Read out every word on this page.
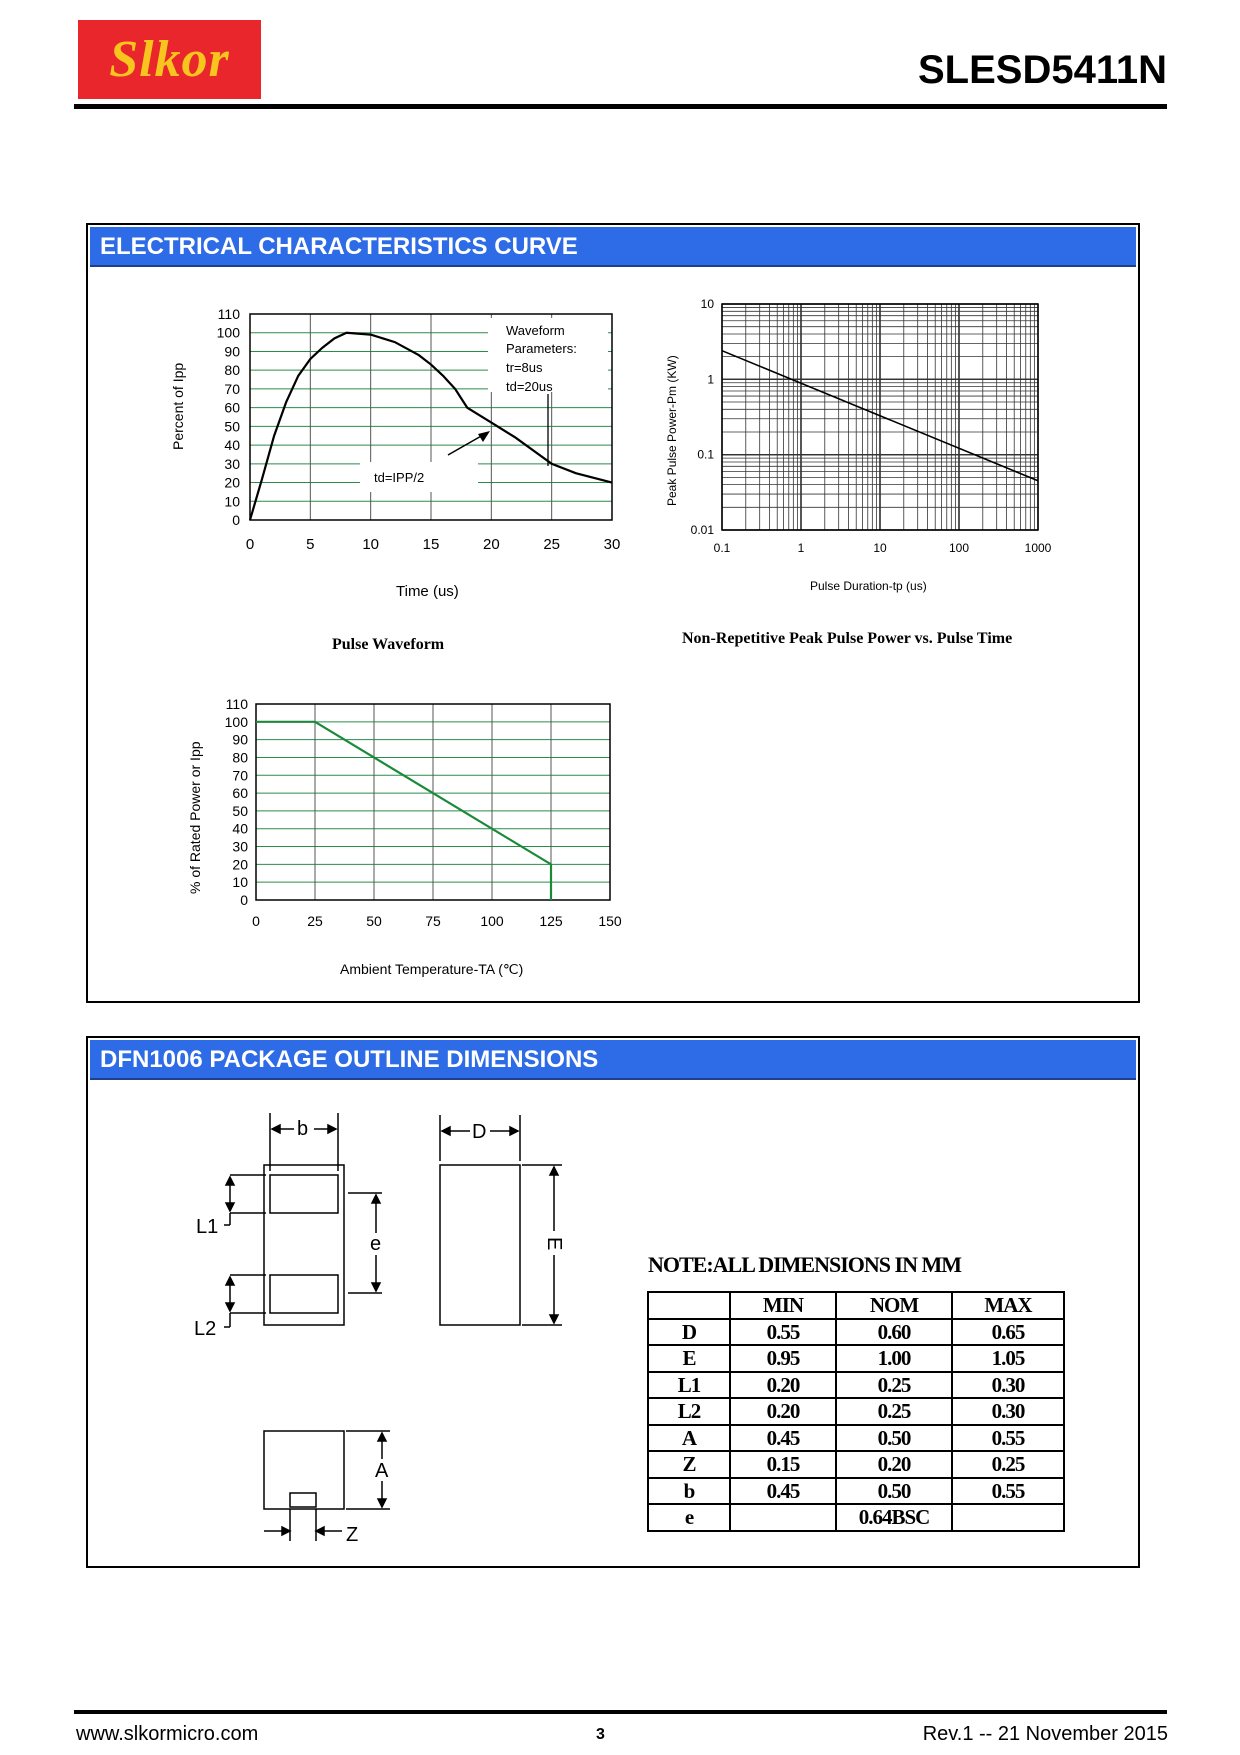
Slkor	SLESD5411N
ELECTRICAL CHARACTERISTICS CURVE
0
10
20
30
40
50
60
70
80
90
100
110
0	5	10	15	20	25	30
Waveform
Parameters:
tr=8us
td=20us
td=IPP/2
Percent of Ipp
Time (us)
Pulse Waveform
0.1	1	10	100	1000
0.01
0.1
1
10
Peak Pulse Power-Pm (KW)
Pulse Duration-tp (us)
Non-Repetitive Peak Pulse Power vs. Pulse Time
0
10
20
30
40
50
60
70
80
90
100
110
0	25	50	75	100	125	150
% of Rated Power or Ipp
Ambient Temperature-TA (℃)
DFN1006 PACKAGE OUTLINE DIMENSIONS
b	D
L1
L2
e	E
A
Z
NOTE:ALL DIMENSIONS IN MM
	MIN	NOM	MAX
D	0.55	0.60	0.65
E	0.95	1.00	1.05
L1	0.20	0.25	0.30
L2	0.20	0.25	0.30
A	0.45	0.50	0.55
Z	0.15	0.20	0.25
b	0.45	0.50	0.55
e		0.64BSC	
www.slkormicro.com	3	Rev.1 -- 21 November 2015
